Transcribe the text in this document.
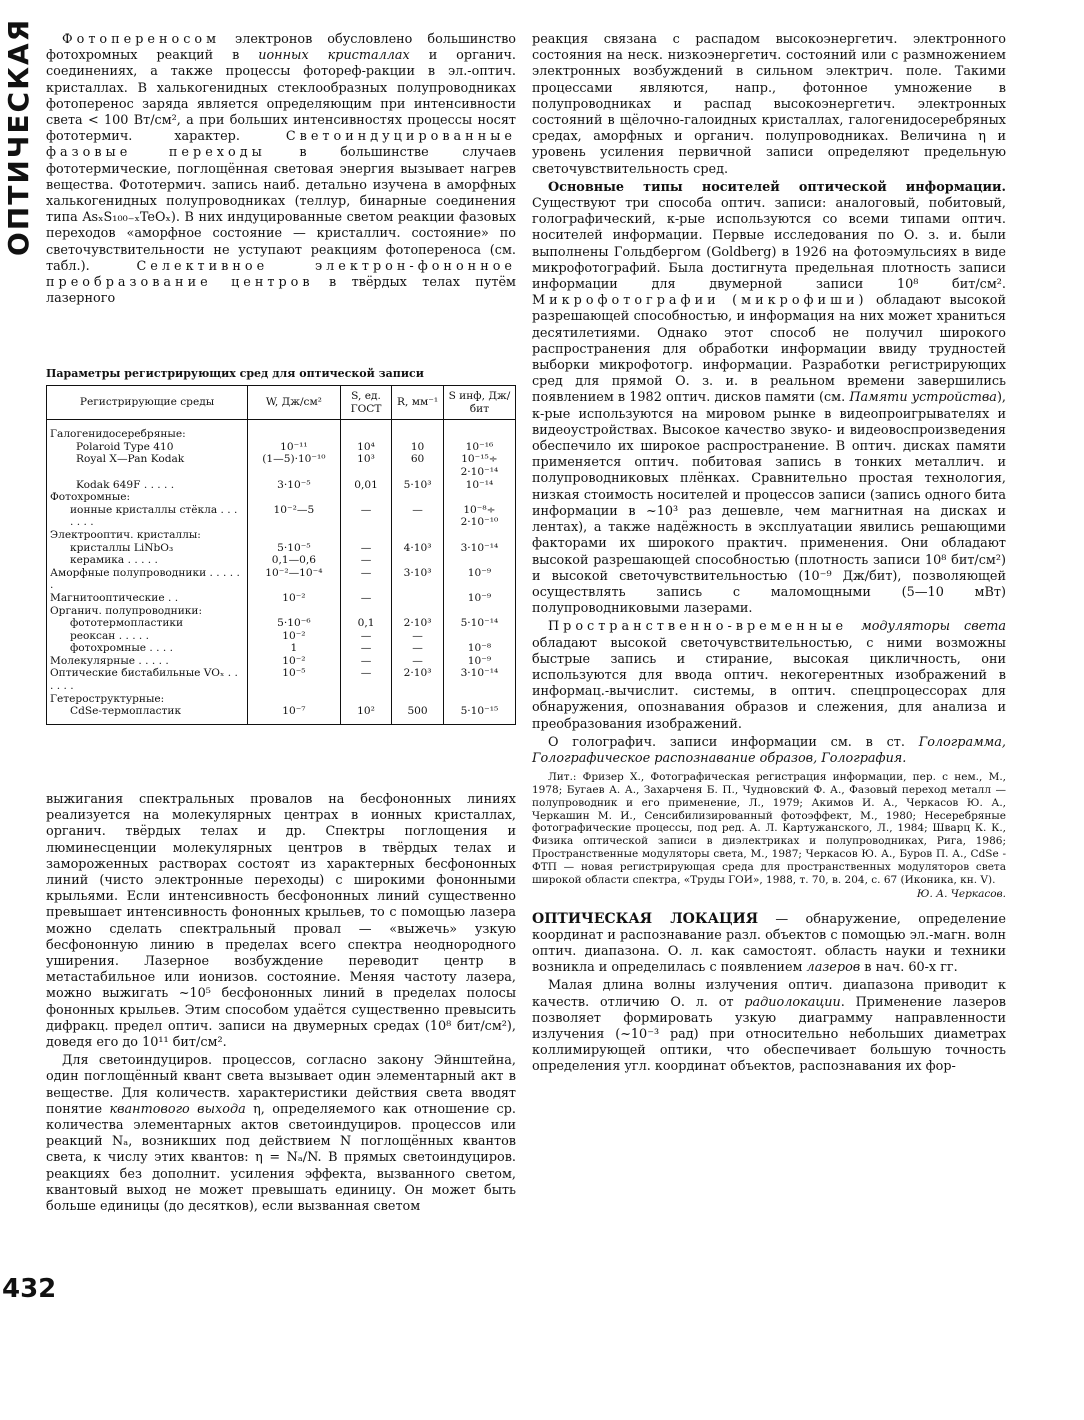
ОПТИЧЕСКАЯ
432

Фотопереносом электронов обусловлено большинство фотохромных реакций в ионных кристаллах и органич. соединениях, а также процессы фотореф-ракции в эл.-оптич. кристаллах. В халькогенидных стеклообразных полупроводниках фотоперенос заряда является определяющим при интенсивности света < 100 Вт/см², а при больших интенсивностях процессы носят фототермич. характер. Светоиндуцированные фазовые переходы в большинстве случаев фототермические, поглощённая световая энергия вызывает нагрев вещества. Фототермич. запись наиб. детально изучена в аморфных халькогенидных полупроводниках (теллур, бинарные соединения типа AsₓS₁₀₀₋ₓTeOₓ). В них индуцированные светом реакции фазовых переходов «аморфное состояние — кристаллич. состояние» по светочувствительности не уступают реакциям фотопереноса (см. табл.). Селективное электрон-фононное преобразование центров в твёрдых телах путём лазерного

Параметры регистрирующих сред для оптической записи
Регистрирующие среды	W, Дж/см²	S, ед. ГОСТ	R, мм⁻¹	S инф, Дж/бит

Галогенидосеребряные:				

Polaroid Type 410	10⁻¹¹	10⁴	10	10⁻¹⁶

Royal X—Pan Kodak	(1—5)·10⁻¹⁰	10³	60	10⁻¹⁵÷ 2·10⁻¹⁴

Kodak 649F . . . . .	3·10⁻⁵	0,01	5·10³	10⁻¹⁴

Фотохромные:				

ионные кристаллы стёкла . . . . . . .	10⁻²—5	—	—	10⁻⁸÷ 2·10⁻¹⁰

Электрооптич. кристаллы:				

кристаллы LiNbO₃	5·10⁻⁵	—	4·10³	3·10⁻¹⁴

керамика . . . . .	0,1—0,6	—		

Аморфные полупроводники . . . . . .	10⁻²—10⁻⁴	—	3·10³	10⁻⁹

Магнитооптические . .	10⁻²	—		10⁻⁹

Органич. полупроводники:				

фототермопластики	5·10⁻⁶	0,1	2·10³	5·10⁻¹⁴

реоксан . . . . .	10⁻²	—	—	

фотохромные . . . .	1	—	—	10⁻⁸

Молекулярные . . . . .	10⁻²	—	—	10⁻⁹

Оптические бистабильные VOₓ . . . . . .	10⁻⁵	—	2·10³	3·10⁻¹⁴

Гетероструктурные:				

CdSe-термопластик	10⁻⁷	10²	500	5·10⁻¹⁵

выжигания спектральных провалов на бесфононных линиях реализуется на молекулярных центрах в ионных кристаллах, органич. твёрдых телах и др. Спектры поглощения и люминесценции молекулярных центров в твёрдых телах и замороженных растворах состоят из характерных бесфононных линий (чисто электронные переходы) с широкими фононными крыльями. Если интенсивность бесфононных линий существенно превышает интенсивность фононных крыльев, то с помощью лазера можно сделать спектральный провал — «выжечь» узкую бесфононную линию в пределах всего спектра неоднородного уширения. Лазерное возбуждение переводит центр в метастабильное или ионизов. состояние. Меняя частоту лазера, можно выжигать ~10⁵ бесфононных линий в пределах полосы фононных крыльев. Этим способом удаётся существенно превысить дифракц. предел оптич. записи на двумерных средах (10⁸ бит/см²), доведя его до 10¹¹ бит/см².

Для светоиндуциров. процессов, согласно закону Эйнштейна, один поглощённый квант света вызывает один элементарный акт в веществе. Для количеств. характеристики действия света вводят понятие квантового выхода η, определяемого как отношение ср. количества элементарных актов светоиндуциров. процессов или реакций Nₐ, возникших под действием N поглощённых квантов света, к числу этих квантов: η = Nₐ/N. В прямых светоиндуциров. реакциях без дополнит. усиления эффекта, вызванного светом, квантовый выход не может превышать единицу. Он может быть больше единицы (до десятков), если вызванная светом

реакция связана с распадом высокоэнергетич. электронного состояния на неск. низкоэнергетич. состояний или с размножением электронных возбуждений в сильном электрич. поле. Такими процессами являются, напр., фотонное умножение в полупроводниках и распад высокоэнергетич. электронных состояний в щёлочно-галоидных кристаллах, галогенидосеребряных средах, аморфных и органич. полупроводниках. Величина η и уровень усиления первичной записи определяют предельную светочувствительность сред.

Основные типы носителей оптической информации. Существуют три способа оптич. записи: аналоговый, побитовый, голографический, к-рые используются со всеми типами оптич. носителей информации. Первые исследования по О. з. и. были выполнены Гольдбергом (Goldberg) в 1926 на фотоэмульсиях в виде микрофотографий. Была достигнута предельная плотность записи информации для двумерной записи 10⁸ бит/см². Микрофотографии (микрофиши) обладают высокой разрешающей способностью, и информация на них может храниться десятилетиями. Однако этот способ не получил широкого распространения для обработки информации ввиду трудностей выборки микрофотогр. информации. Разработки регистрирующих сред для прямой О. з. и. в реальном времени завершились появлением в 1982 оптич. дисков памяти (см. Памяти устройства), к-рые используются на мировом рынке в видеопроигрывателях и видеоустройствах. Высокое качество звуко- и видеовоспроизведения обеспечило их широкое распространение. В оптич. дисках памяти применяется оптич. побитовая запись в тонких металлич. и полупроводниковых плёнках. Сравнительно простая технология, низкая стоимость носителей и процессов записи (запись одного бита информации в ~10³ раз дешевле, чем магнитная на дисках и лентах), а также надёжность в эксплуатации явились решающими факторами их широкого практич. применения. Они обладают высокой разрешающей способностью (плотность записи 10⁸ бит/см²) и высокой светочувствительностью (10⁻⁹ Дж/бит), позволяющей осуществлять запись с маломощными (5—10 мВт) полупроводниковыми лазерами.

Пространственно-временные модуляторы света обладают высокой светочувствительностью, с ними возможны быстрые запись и стирание, высокая цикличность, они используются для ввода оптич. некогерентных изображений в информац.-вычислит. системы, в оптич. спецпроцессорах для обнаружения, опознавания образов и слежения, для анализа и преобразования изображений.

О голографич. записи информации см. в ст. Голограмма, Голографическое распознавание образов, Голография.

Лит.: Фризер Х., Фотографическая регистрация информации, пер. с нем., М., 1978; Бугаев А. А., Захарченя Б. П., Чудновский Ф. А., Фазовый переход металл — полупроводник и его применение, Л., 1979; Акимов И. А., Черкасов Ю. А., Черкашин М. И., Сенсибилизированный фотоэффект, М., 1980; Несеребряные фотографические процессы, под ред. А. Л. Картужанского, Л., 1984; Шварц К. К., Физика оптической записи в диэлектриках и полупроводниках, Рига, 1986; Пространственные модуляторы света, М., 1987; Черкасов Ю. А., Буров П. А., CdSe - ФТП — новая регистрирующая среда для пространственных модуляторов света широкой области спектра, «Труды ГОИ», 1988, т. 70, в. 204, с. 67 (Иконика, кн. V).

Ю. А. Черкасов.

ОПТИЧЕСКАЯ ЛОКАЦИЯ — обнаружение, определение координат и распознавание разл. объектов с помощью эл.-магн. волн оптич. диапазона. О. л. как самостоят. область науки и техники возникла и определилась с появлением лазеров в нач. 60-х гг.

Малая длина волны излучения оптич. диапазона приводит к качеств. отличию О. л. от радиолокации. Применение лазеров позволяет формировать узкую диаграмму направленности излучения (~10⁻³ рад) при относительно небольших диаметрах коллимирующей оптики, что обеспечивает большую точность определения угл. координат объектов, распознавания их фор-
